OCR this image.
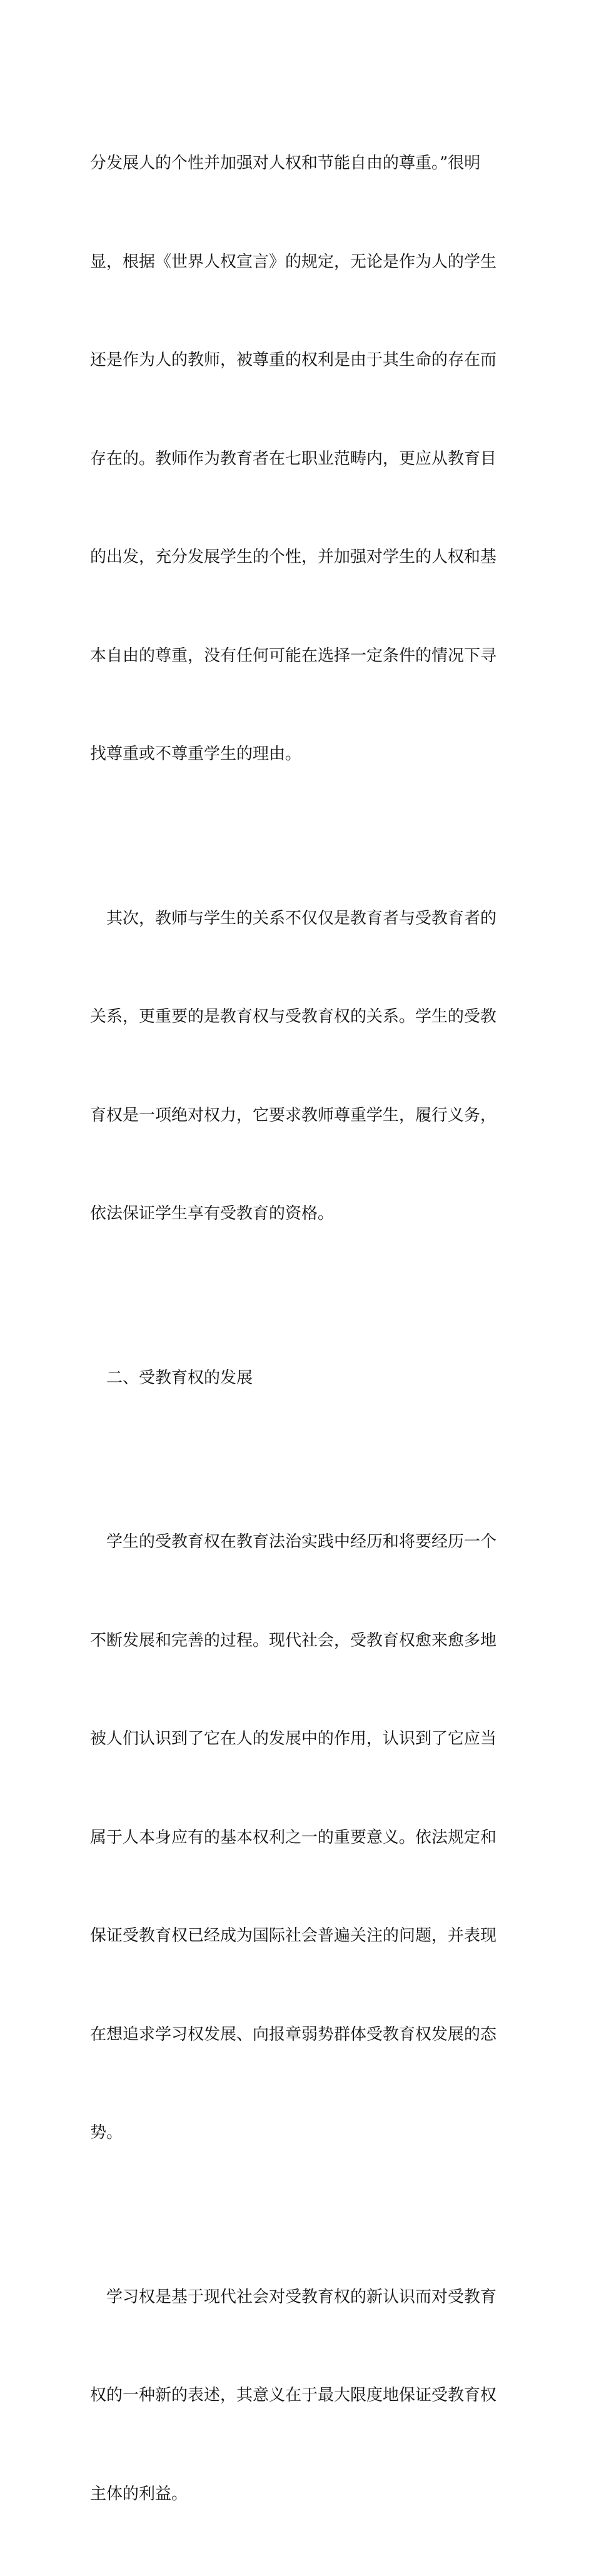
分发展人的个性并加强对人权和节能自由的尊重。”很明

显，根据《世界人权宣言》的规定，无论是作为人的学生

还是作为人的教师，被尊重的权利是由于其生命的存在而

存在的。教师作为教育者在七职业范畴内，更应从教育目

的出发，充分发展学生的个性，并加强对学生的人权和基

本自由的尊重，没有任何可能在选择一定条件的情况下寻

找尊重或不尊重学生的理由。

　其次，教师与学生的关系不仅仅是教育者与受教育者的

关系，更重要的是教育权与受教育权的关系。学生的受教

育权是一项绝对权力，它要求教师尊重学生，履行义务，

依法保证学生享有受教育的资格。

　二、受教育权的发展

　学生的受教育权在教育法治实践中经历和将要经历一个

不断发展和完善的过程。现代社会，受教育权愈来愈多地

被人们认识到了它在人的发展中的作用，认识到了它应当

属于人本身应有的基本权利之一的重要意义。依法规定和

保证受教育权已经成为国际社会普遍关注的问题，并表现

在想追求学习权发展、向报章弱势群体受教育权发展的态

势。

　学习权是基于现代社会对受教育权的新认识而对受教育

权的一种新的表述，其意义在于最大限度地保证受教育权

主体的利益。
